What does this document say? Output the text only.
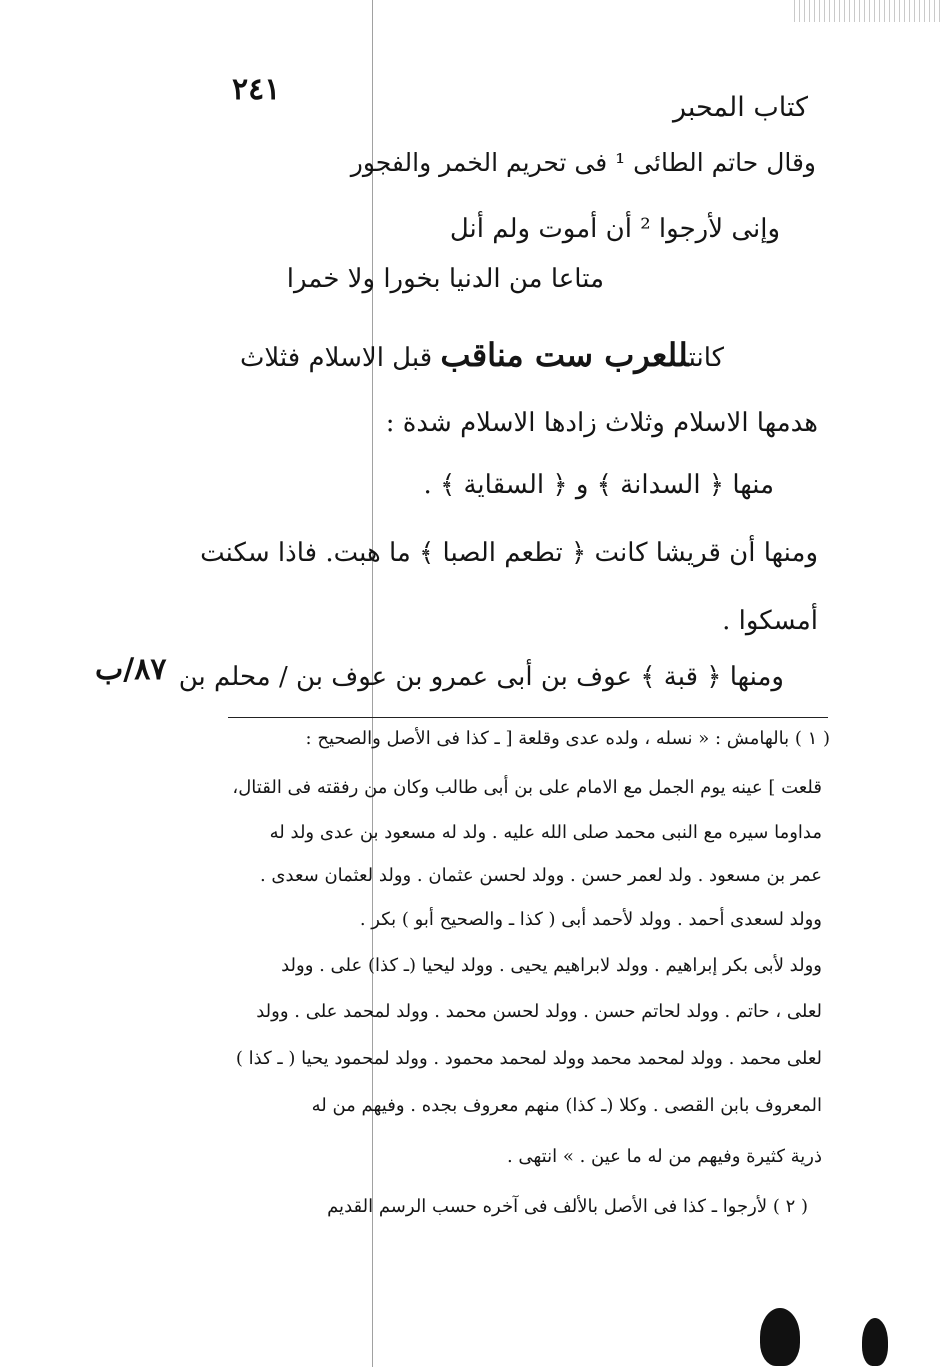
٢٤١
كتاب المحبر
وقال حاتم الطائى ¹ فى تحريم الخمر والفجور
وإنى لأرجوا ² أن أموت ولم أنل
متاعا من الدنيا بخورا ولا خمرا
كانتللعرب ست مناقب قبل الاسلام فثلاث
هدمها الاسلام وثلاث زادها الاسلام شدة :
منها ﴿ السدانة ﴾ و ﴿ السقاية ﴾ .
ومنها أن قريشا كانت ﴿ تطعم الصبا ﴾ ما هبت. فاذا سكنت
أمسكوا .
ومنها ﴿ قبة ﴾ عوف بن أبى عمرو بن عوف بن / محلم بن
٨٧/ب
( ١ ) بالهامش : « نسله ، ولده عدى وقلعة [ ـ كذا فى الأصل والصحيح :
قلعت ] عينه يوم الجمل مع الامام على بن أبى طالب وكان من رفقته فى القتال،
مداوما سيره مع النبى محمد صلى الله عليه . ولد له مسعود بن عدى ولد له
عمر بن مسعود . ولد لعمر حسن . وولد لحسن عثمان . وولد لعثمان سعدى .
وولد لسعدى أحمد . وولد لأحمد أبى ( كذا ـ والصحيح أبو ) بكر .
وولد لأبى بكر إبراهيم . وولد لابراهيم يحيى . وولد ليحيا (ـ كذا) على . وولد
لعلى ، حاتم . وولد لحاتم حسن . وولد لحسن محمد . وولد لمحمد على . وولد
لعلى محمد . وولد لمحمد محمد وولد لمحمد محمود . وولد لمحمود يحيا ( ـ كذا )
المعروف بابن القصى . وكلا (ـ كذا) منهم معروف بجده . وفيهم من له
ذرية كثيرة وفيهم من له ما عين . » انتهى .
( ٢ ) لأرجوا ـ كذا فى الأصل بالألف فى آخره حسب الرسم القديم
